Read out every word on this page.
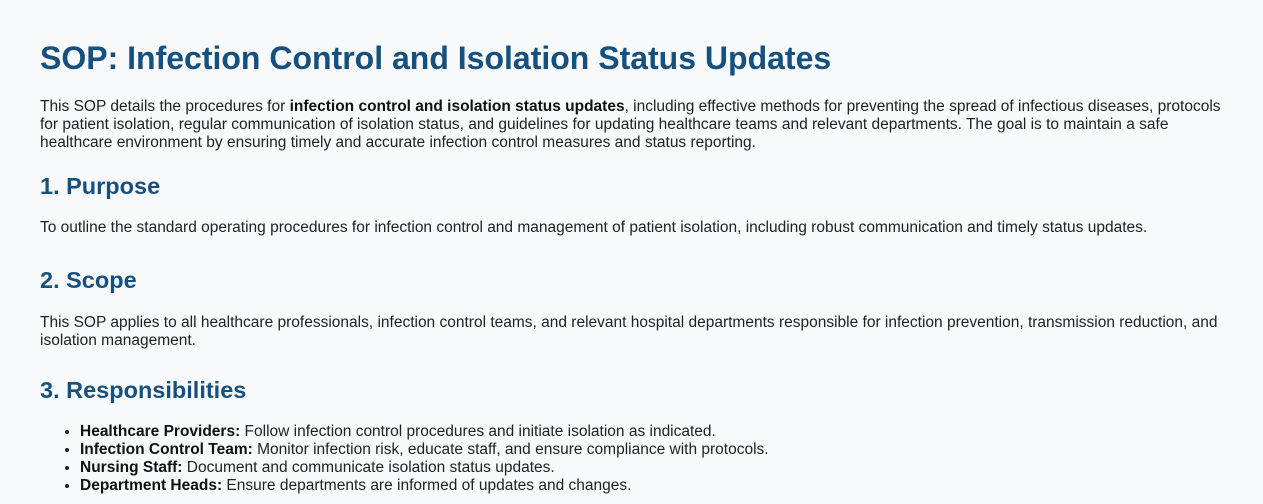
SOP: Infection Control and Isolation Status Updates

This SOP details the procedures for infection control and isolation status updates, including effective methods for preventing the spread of infectious diseases, protocols for patient isolation, regular communication of isolation status, and guidelines for updating healthcare teams and relevant departments. The goal is to maintain a safe healthcare environment by ensuring timely and accurate infection control measures and status reporting.

1. Purpose

To outline the standard operating procedures for infection control and management of patient isolation, including robust communication and timely status updates.

2. Scope

This SOP applies to all healthcare professionals, infection control teams, and relevant hospital departments responsible for infection prevention, transmission reduction, and isolation management.

3. Responsibilities
• Healthcare Providers: Follow infection control procedures and initiate isolation as indicated.
• Infection Control Team: Monitor infection risk, educate staff, and ensure compliance with protocols.
• Nursing Staff: Document and communicate isolation status updates.
• Department Heads: Ensure departments are informed of updates and changes.
